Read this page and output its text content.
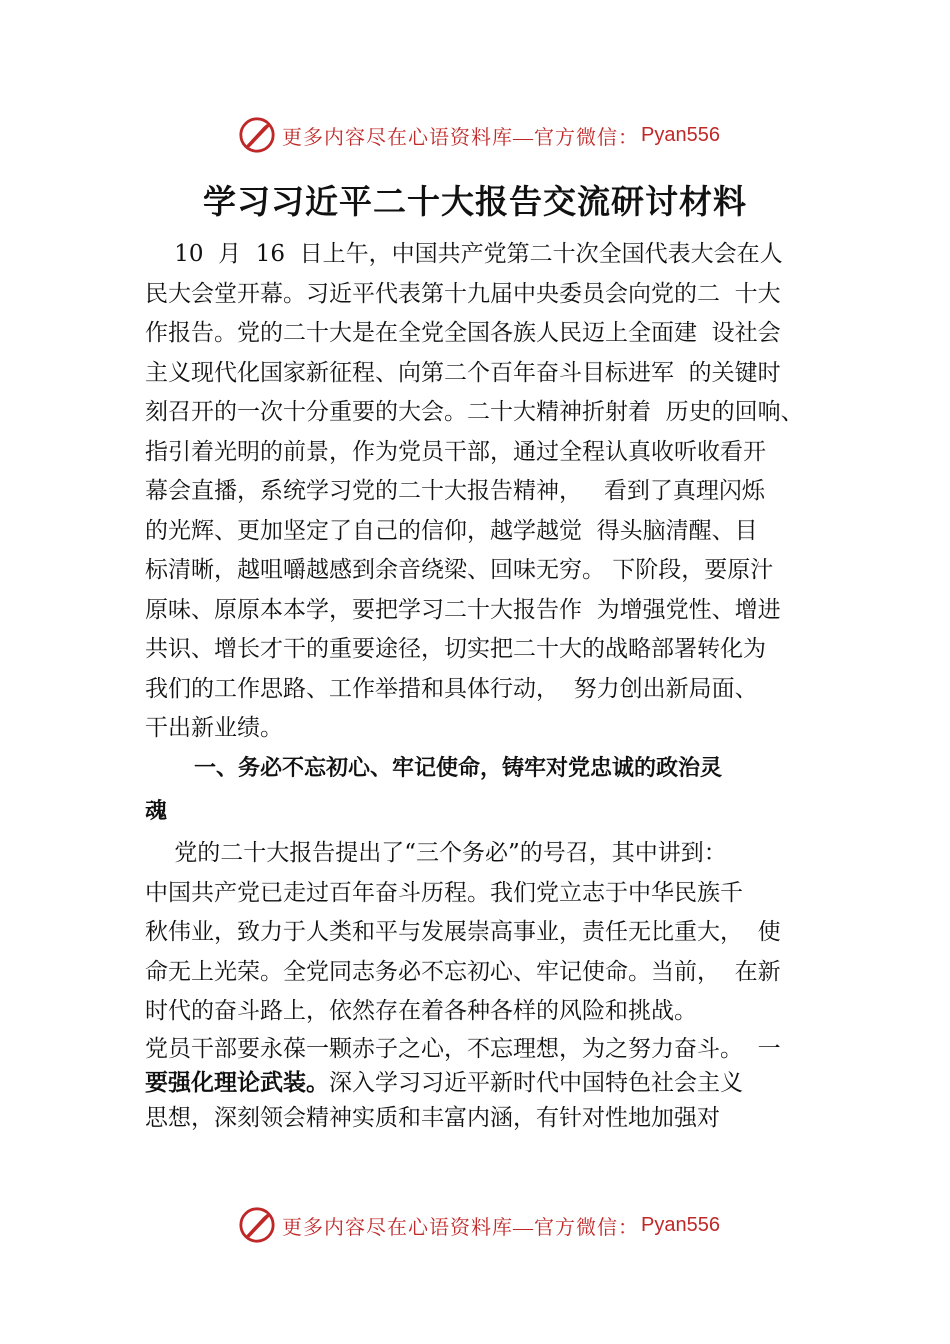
更多内容尽在心语资料库—官方微信： Pyan556
学习习近平二十大报告交流研讨材料
10  月  16  日上午，中国共产党第二十次全国代表大会在人
民大会堂开幕。习近平代表第十九届中央委员会向党的二  十大
作报告。党的二十大是在全党全国各族人民迈上全面建  设社会
主义现代化国家新征程、向第二个百年奋斗目标进军  的关键时
刻召开的一次十分重要的大会。二十大精神折射着  历史的回响、
指引着光明的前景，作为党员干部，通过全程认真收听收看开
幕会直播，系统学习党的二十大报告精神，   看到了真理闪烁
的光辉、更加坚定了自己的信仰，越学越觉  得头脑清醒、目
标清晰，越咀嚼越感到余音绕梁、回味无穷。 下阶段，要原汁
原味、原原本本学，要把学习二十大报告作  为增强党性、增进
共识、增长才干的重要途径，切实把二十大的战略部署转化为
我们的工作思路、工作举措和具体行动，  努力创出新局面、
干出新业绩。
一、务必不忘初心、牢记使命，铸牢对党忠诚的政治灵
魂
党的二十大报告提出了“三个务必”的号召，其中讲到：
中国共产党已走过百年奋斗历程。我们党立志于中华民族千
秋伟业，致力于人类和平与发展崇高事业，责任无比重大，  使
命无上光荣。全党同志务必不忘初心、牢记使命。当前，  在新
时代的奋斗路上，依然存在着各种各样的风险和挑战。
党员干部要永葆一颗赤子之心，不忘理想，为之努力奋斗。  一
要强化理论武装。深入学习习近平新时代中国特色社会主义
思想，深刻领会精神实质和丰富内涵，有针对性地加强对
更多内容尽在心语资料库—官方微信： Pyan556
